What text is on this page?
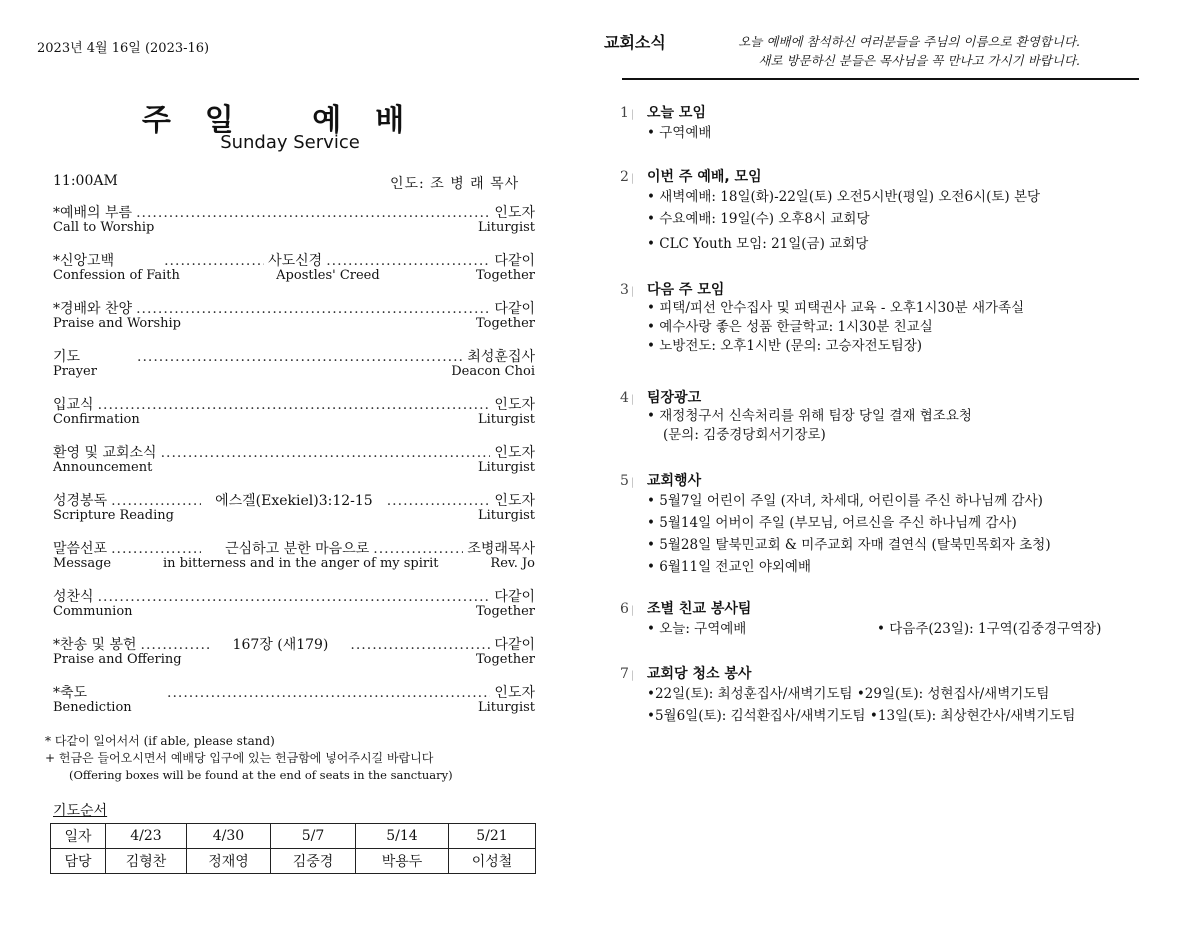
2023년 4월 16일 (2023-16)
주일 예배
Sunday Service
11:00AM	인도: 조 병 래 목사
*예배의 부름 .....	인도자
Call to Worship	Liturgist
*신앙고백 .....	사도신경 .....	다같이
Confession of Faith	Apostles' Creed	Together
*경배와 찬양 .....	다같이
Praise and Worship	Together
기도 .....	최성훈집사
Prayer	Deacon Choi
입교식 .....	인도자
Confirmation	Liturgist
환영 및 교회소식 .....	인도자
Announcement	Liturgist
성경봉독 .....	에스겔(Exekiel)3:12-15 .....	인도자
Scripture Reading	Liturgist
말씀선포 .....	근심하고 분한 마음으로 .....	조병래목사
Message	in bitterness and in the anger of my spirit	Rev. Jo
성찬식 .....	다같이
Communion	Together
*찬송 및 봉헌 .....	167장 (새179) .....	다같이
Praise and Offering	Together
*축도 .....	인도자
Benediction	Liturgist
* 다같이 일어서서 (if able, please stand)
+ 헌금은 들어오시면서 예배당 입구에 있는 헌금함에 넣어주시길 바랍니다
(Offering boxes will be found at the end of seats in the sanctuary)
기도순서
일자	4/23	4/30	5/7	5/14	5/21
담당	김형찬	정재영	김중경	박용두	이성철
교회소식	오늘 예배에 참석하신 여러분들을 주님의 이름으로 환영합니다.
새로 방문하신 분들은 목사님을 꼭 만나고 가시기 바랍니다.
1 |	오늘 모임
• 구역예배
2 |	이번 주 예배, 모임
• 새벽예배: 18일(화)-22일(토) 오전5시반(평일) 오전6시(토) 본당
• 수요예배: 19일(수) 오후8시 교회당
• CLC Youth 모임: 21일(금) 교회당
3 |	다음 주 모임
• 피택/피선 안수집사 및 피택권사 교육 - 오후1시30분 새가족실
• 예수사랑 좋은 성품 한글학교: 1시30분 친교실
• 노방전도: 오후1시반 (문의: 고승자전도팀장)
4 |	팀장광고
• 재정청구서 신속처리를 위해 팀장 당일 결재 협조요청
(문의: 김중경당회서기장로)
5 |	교회행사
• 5월7일 어린이 주일 (자녀, 차세대, 어린이를 주신 하나님께 감사)
• 5월14일 어버이 주일 (부모님, 어르신을 주신 하나님께 감사)
• 5월28일 탈북민교회 & 미주교회 자매 결연식 (탈북민목회자 초청)
• 6월11일 전교인 야외예배
6 |	조별 친교 봉사팀
• 오늘: 구역예배	• 다음주(23일): 1구역(김중경구역장)
7 |	교회당 청소 봉사
•22일(토): 최성훈집사/새벽기도팀 •29일(토): 성현집사/새벽기도팀
•5월6일(토): 김석환집사/새벽기도팀 •13일(토): 최상현간사/새벽기도팀
